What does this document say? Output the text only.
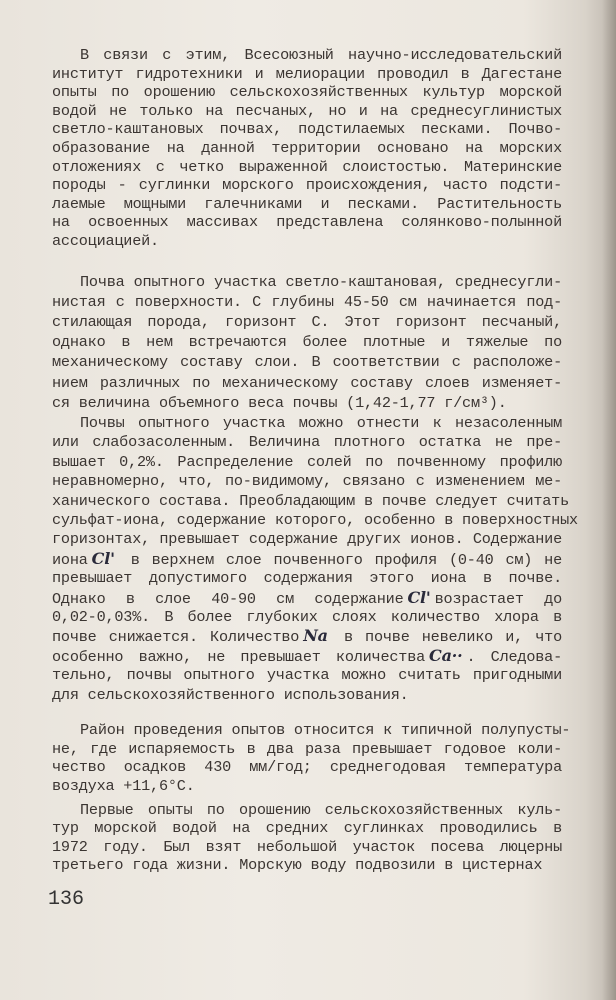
136
В связи с этим, Всесоюзный научно-исследовательский
институт гидротехники и мелиорации проводил в Дагестане
опыты по орошению сельскохозяйственных культур морской
водой не только на песчаных, но и на среднесуглинистых
светло-каштановых почвах, подстилаемых песками. Почво-
образование на данной территории основано на морских
отложениях с четко выраженной слоистостью. Материнские
породы - суглинки морского происхождения, часто подсти-
лаемые мощными галечниками и песками. Растительность
на освоенных массивах представлена солянково-полынной
ассоциацией.
Почва опытного участка светло-каштановая, среднесугли-
нистая с поверхности. С глубины 45-50 см начинается под-
стилающая порода, горизонт С. Этот горизонт песчаный,
однако в нем встречаются более плотные и тяжелые по
механическому составу слои. В соответствии с расположе-
нием различных по механическому составу слоев изменяет-
ся величина объемного веса почвы (1,42-1,77 г/см³).
Почвы опытного участка можно отнести к незасоленным
или слабозасоленным. Величина плотного остатка не пре-
вышает 0,2%. Распределение солей по почвенному профилю
неравномерно, что, по-видимому, связано с изменением ме-
ханического состава. Преобладающим в почве следует считать
сульфат-иона, содержание которого, особенно в поверхностных
горизонтах, превышает содержание других ионов. Содержание
иона Cl' в верхнем слое почвенного профиля (0-40 см) не
превышает допустимого содержания этого иона в почве.
Однако в слое 40-90 см содержание Cl' возрастает до
0,02-0,03%. В более глубоких слоях количество хлора в
почве снижается. Количество Na в почве невелико и, что
особенно важно, не превышает количества Ca·· . Следова-
тельно, почвы опытного участка можно считать пригодными
для сельскохозяйственного использования.
Район проведения опытов относится к типичной полупусты-
не, где испаряемость в два раза превышает годовое коли-
чество осадков 430 мм/год; среднегодовая температура
воздуха +11,6°С.
Первые опыты по орошению сельскохозяйственных куль-
тур морской водой на средних суглинках проводились в
1972 году. Был взят небольшой участок посева люцерны
третьего года жизни. Морскую воду подвозили в цистернах
